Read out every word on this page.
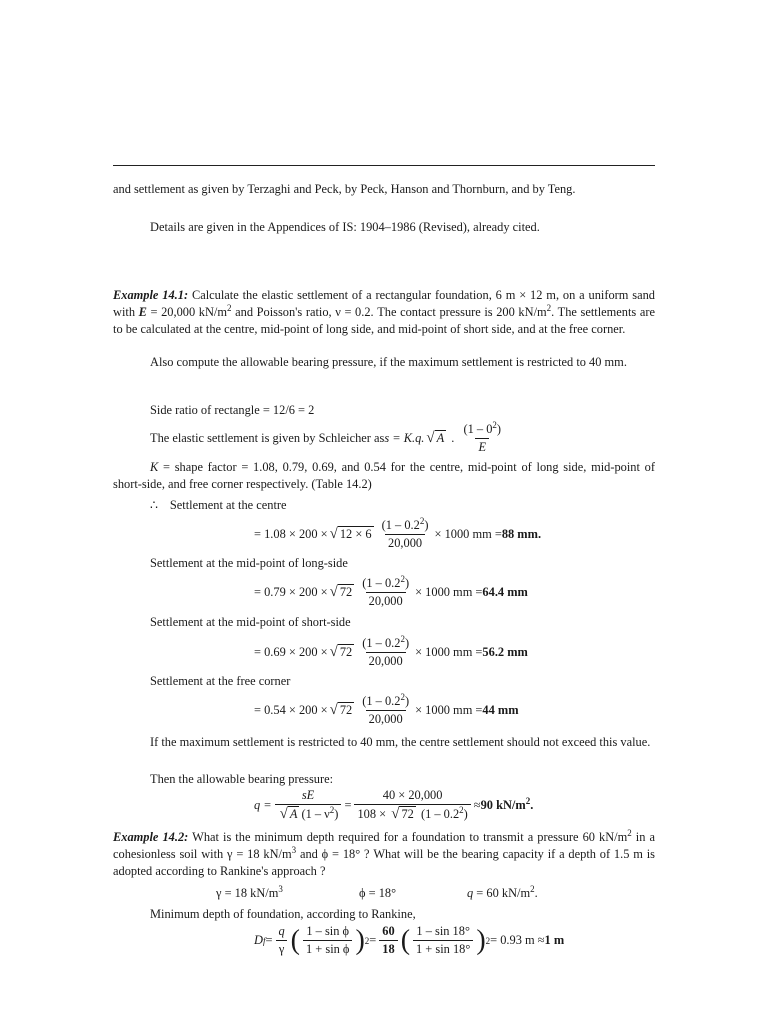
and settlement as given by Terzaghi and Peck, by Peck, Hanson and Thornburn, and by Teng.
Details are given in the Appendices of IS: 1904–1986 (Revised), already cited.
Example 14.1: Calculate the elastic settlement of a rectangular foundation, 6 m × 12 m, on a uniform sand with E = 20,000 $kN/m^2$ and Poisson's ratio, ν = 0.2. The contact pressure is 200 $kN/m^2$. The settlements are to be calculated at the centre, mid-point of long side, and mid-point of short side, and at the free corner.
Also compute the allowable bearing pressure, if the maximum settlement is restricted to 40 mm.
Side ratio of rectangle = 12/6 = 2
The elastic settlement is given by Schleicher as s = K.q. √ A . $\frac{(1 - 0^2)}{E}$
K = shape factor = 1.08, 0.79, 0.69, and 0.54 for the centre, mid-point of long side, mid-point of short-side, and free corner respectively. (Table 14.2)
∴ Settlement at the centre
= 1.08 × 200 × √ $12 \times 6 \frac{(1 - 0.2^2)}{20,000} \times 1000$ mm = 88 mm.
Settlement at the mid-point of long-side
= 0.79 × 200 × √ $72 \frac{(1 - 0.2^2)}{20,000} \times 1000$ mm = 64.4 mm
Settlement at the mid-point of short-side
= 0.69 × 200 × √ $72 \frac{(1 - 0.2^2)}{20,000} \times 1000$ mm = 56.2 mm
Settlement at the free corner
= 0.54 × 200 × √ $72 \frac{(1 - 0.2^2)}{20,000} \times 1000$ mm = 44 mm
If the maximum settlement is restricted to 40 mm, the centre settlement should not exceed this value.
Then the allowable bearing pressure:
$q = \frac{sE}{√ A (1 - \nu^2)} = \frac{40 \times 20,000}{108 \times √ 72 (1 - 0.2^2)} \approx 90$ $kN/m^2$.
Example 14.2: What is the minimum depth required for a foundation to transmit a pressure 60 $kN/m^2$ in a cohesionless soil with γ = 18 $kN/m^3$ and ϕ = 18° ? What will be the bearing capacity if a depth of 1.5 m is adopted according to Rankine's approach ?
γ = 18 $kN/m^3$	ϕ = 18°	q = 60 $kN/m^2$.
Minimum depth of foundation, according to Rankine,
D $f = \frac{q}{\gamma}$ ( $\frac{\text{1 – sin ϕ}}{\text{1 + sin ϕ}}$ ) $2 = \frac{60}{18}$ ( $\frac{1 - \sin 18^\circ}{1 + \sin 18^\circ}$ ) 2 = 0.93 m ≈ 1 m
